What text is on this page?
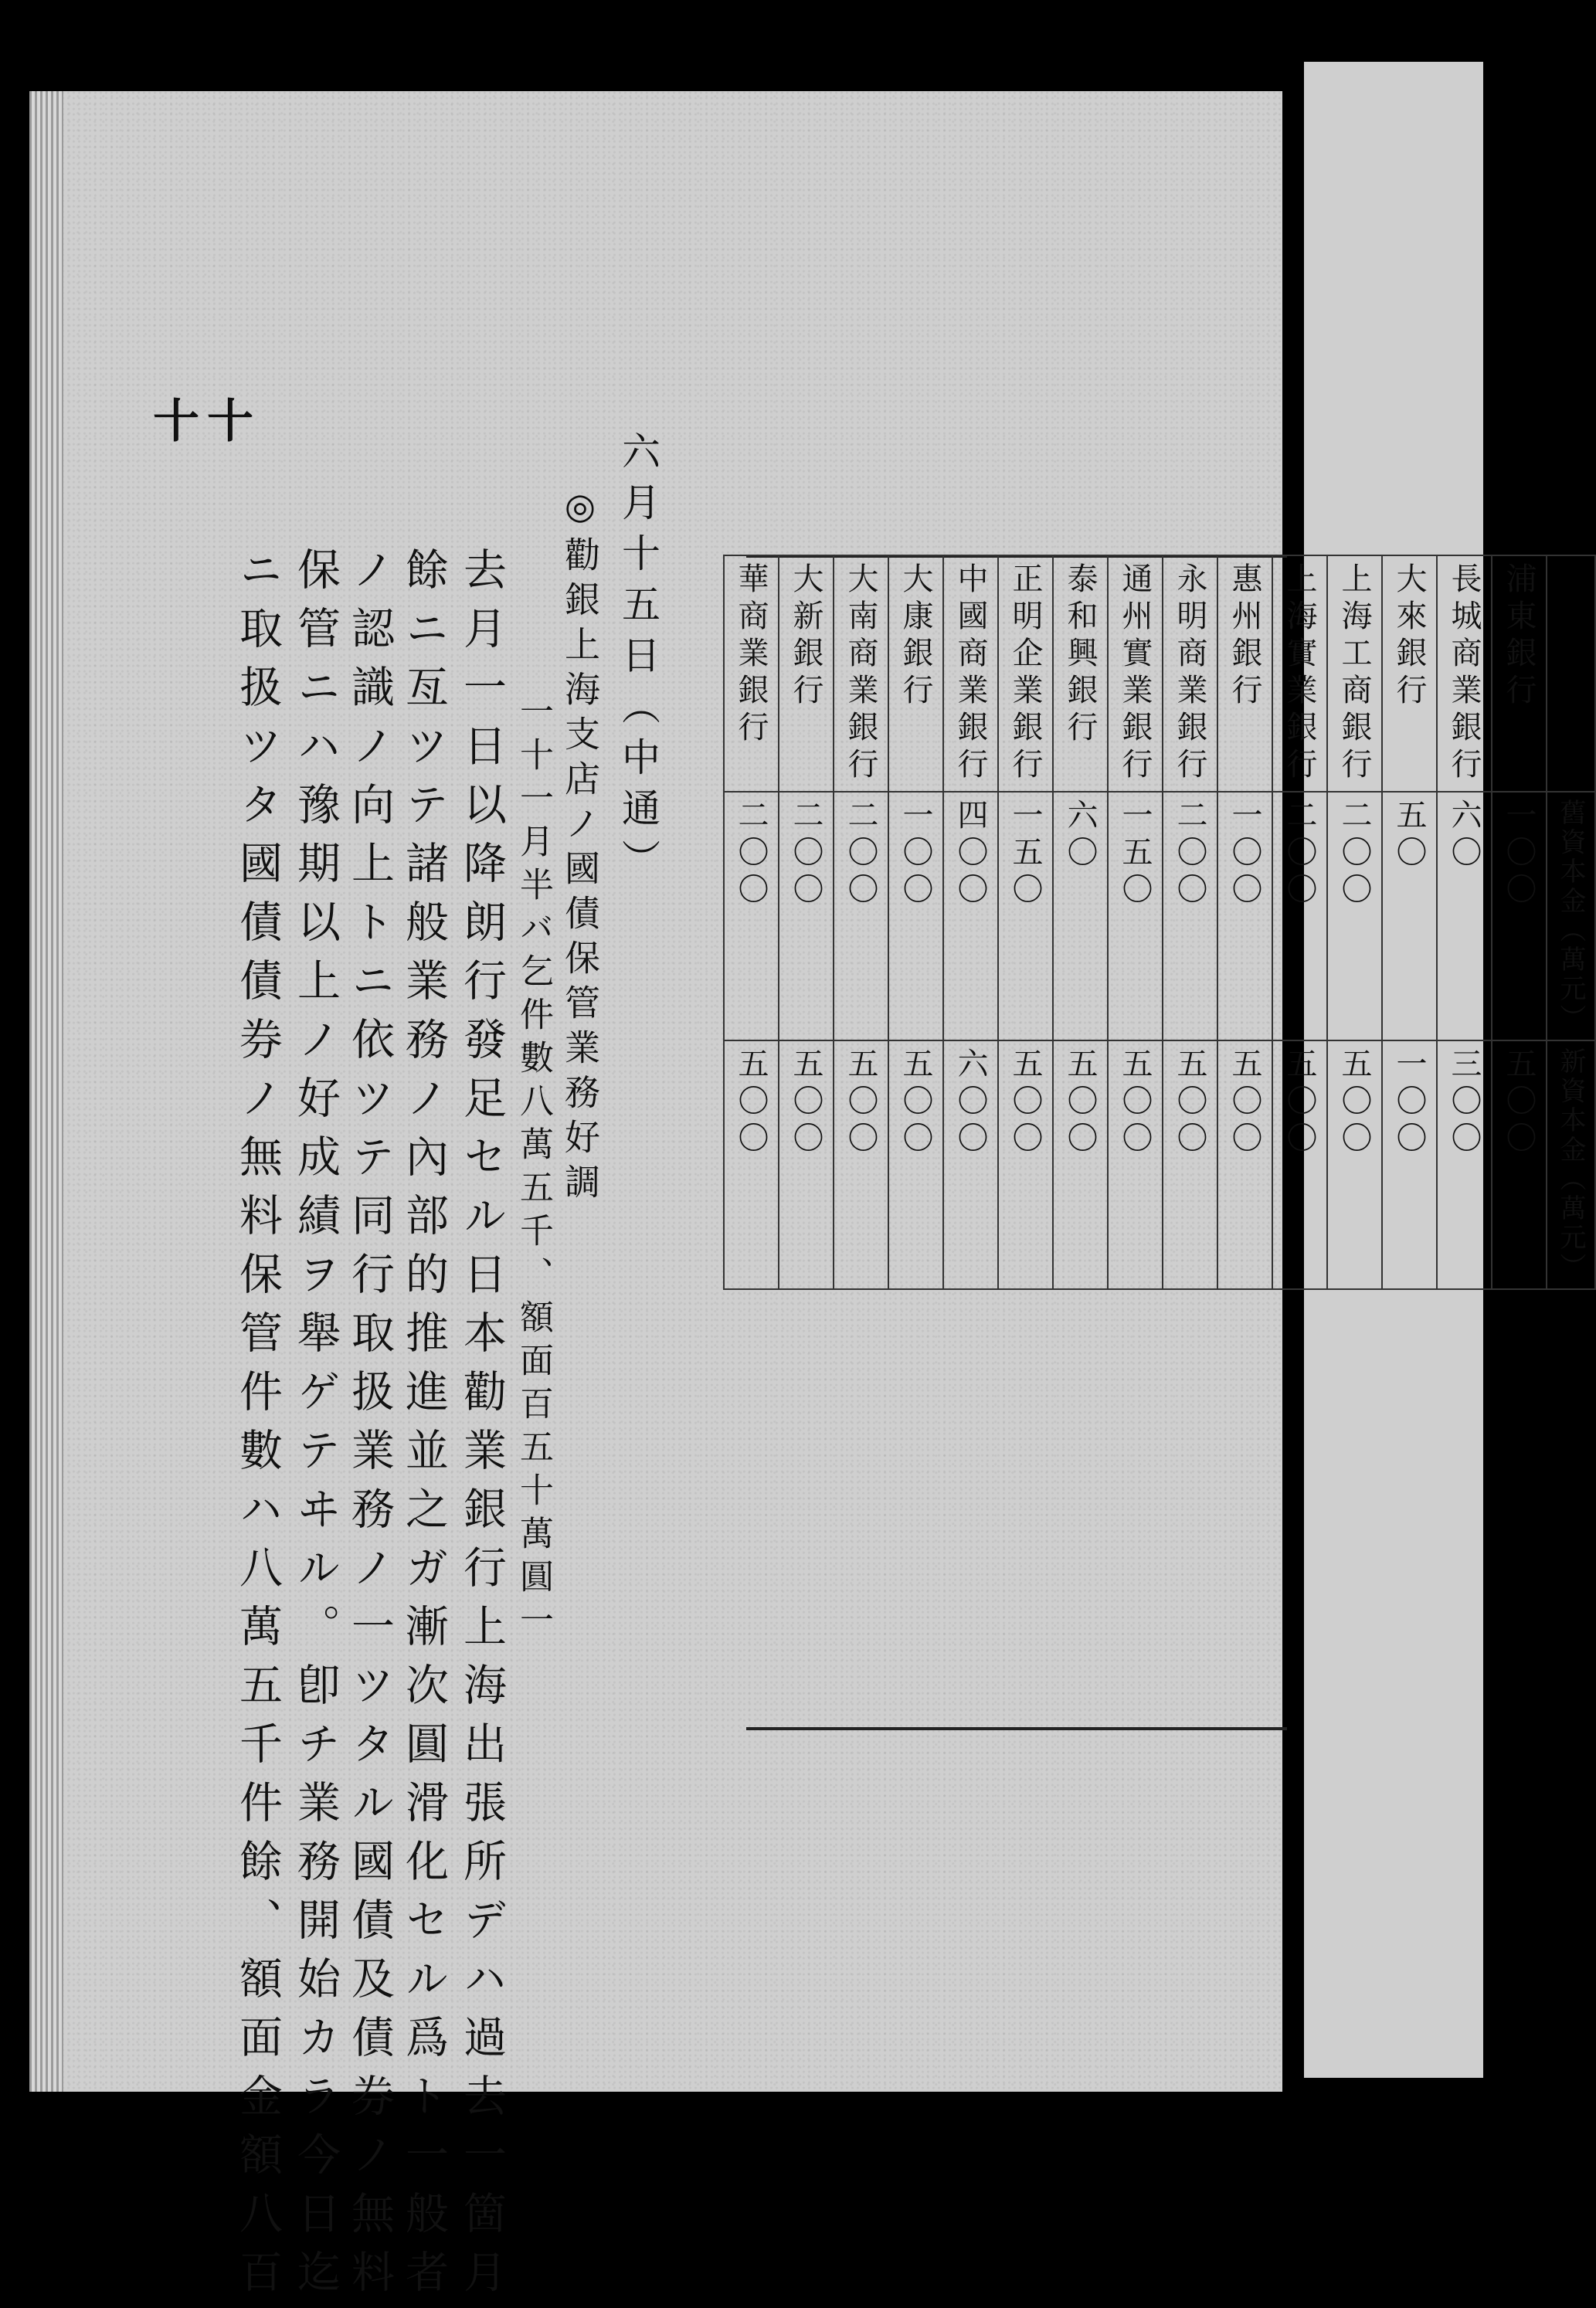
十十
六月十五日（中通）
◎勸銀上海支店ノ國債保管業務好調
一十一月半バ乞件數八萬五千、額面百五十萬圓一
去月一日以降朗行發足セル日本勸業銀行上海出張所デハ過去一箇月
餘ニ亙ツテ諸般業務ノ內部的推進並之ガ漸次圓滑化セル爲ト一般者
ノ認識ノ向上トニ依ツテ同行取扱業務ノ一ツタル國債及債券ノ無料
保管ニハ豫期以上ノ好成績ヲ舉ゲテヰル。卽チ業務開始カラ今日迄
ニ取扱ツタ國債債券ノ無料保管件數ハ八萬五千件餘、額面金額八百
		舊資本金（萬元）	新資本金（萬元）
浦東銀行	一〇〇	五〇〇
長城商業銀行	六〇	三〇〇
大來銀行	五〇	一〇〇
上海工商銀行	二〇〇	五〇〇
上海實業銀行	二〇〇	五〇〇
惠州銀行	一〇〇	五〇〇
永明商業銀行	二〇〇	五〇〇
通州實業銀行	一五〇	五〇〇
泰和興銀行	六〇	五〇〇
正明企業銀行	一五〇	五〇〇
中國商業銀行	四〇〇	六〇〇
大康銀行	一〇〇	五〇〇
大南商業銀行	二〇〇	五〇〇
大新銀行	二〇〇	五〇〇
華商業銀行	二〇〇	五〇〇
